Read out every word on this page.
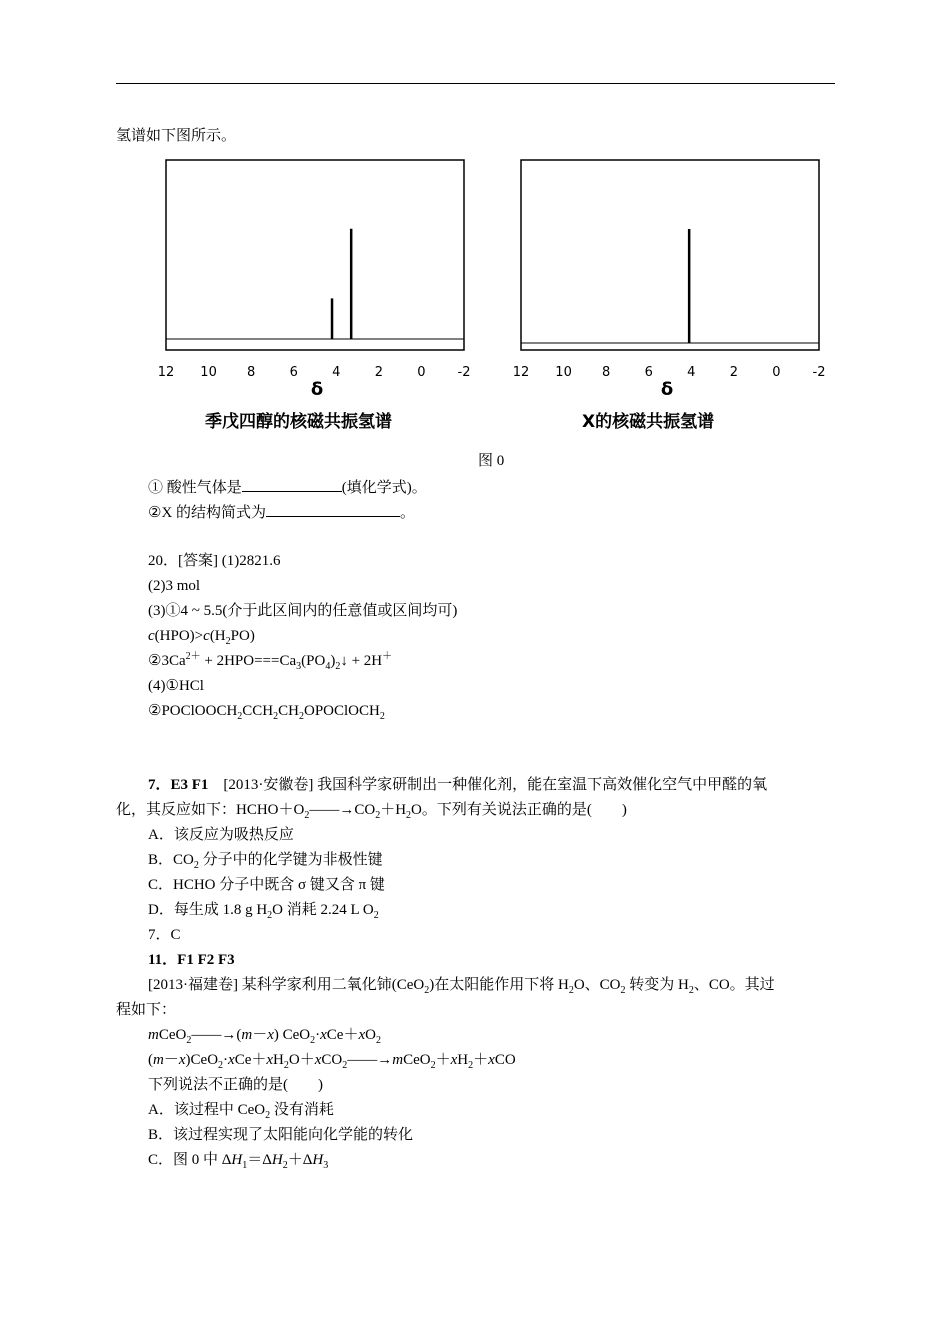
氢谱如下图所示。
12 10 8	6	4	2	0 -2
δ
季戊四醇的核磁共振氢谱
12 10 8	6	4	2	0 -2
δ
X的核磁共振氢谱
图 0
① 酸性气体是	(填化学式)。
②X 的结构简式为	。
20．[答案] (1)2821.6
(2)3 mol
(3)①4 ~ 5.5(介于此区间内的任意值或区间均可)
$c(HPO)>c(H_2PO)$
$②3Ca^{2+}$ + $2HPO===Ca_3(PO_4)_2↓ + 2H^+$
(4)①HCl
$②POClOOCH_2CCH_2CH_2OPOClOCH_2$
7．E3 F1  [2013·安徽卷] 我国科学家研制出一种催化剂，能在室温下高效催化空气中甲醛的氧
化，其反应如下：$HCHO+O_2——\to CO_2+H_2O$。下列有关说法正确的是(　　)
A．该反应为吸热反应
B．$CO_2$ 分子中的化学键为非极性键
C．HCHO 分子中既含 σ 键又含 π 键
D．每生成 1.8 g $H_2O$ 消耗 2.24 L $O_2$
7．C
11．F1 F2 F3
[2013·福建卷] 某科学家利用二氧化铈(CeO$_2$)在太阳能作用下将 $H_2O$、$CO_2$ 转变为 $H_2$、CO。其过
程如下：
mCeO$_2$——→(m－x) $CeO_2\cdot xCe+xO_2$
$(m-x)CeO_2\cdot xCe+xH_2O+xCO_2——\to mCeO_2+xH_2+xCO$
下列说法不正确的是(　　)
A．该过程中 CeO$_2$ 没有消耗
B．该过程实现了太阳能向化学能的转化
C．图 0 中 $\Delta H_1=\Delta H_2+\Delta H_3$
